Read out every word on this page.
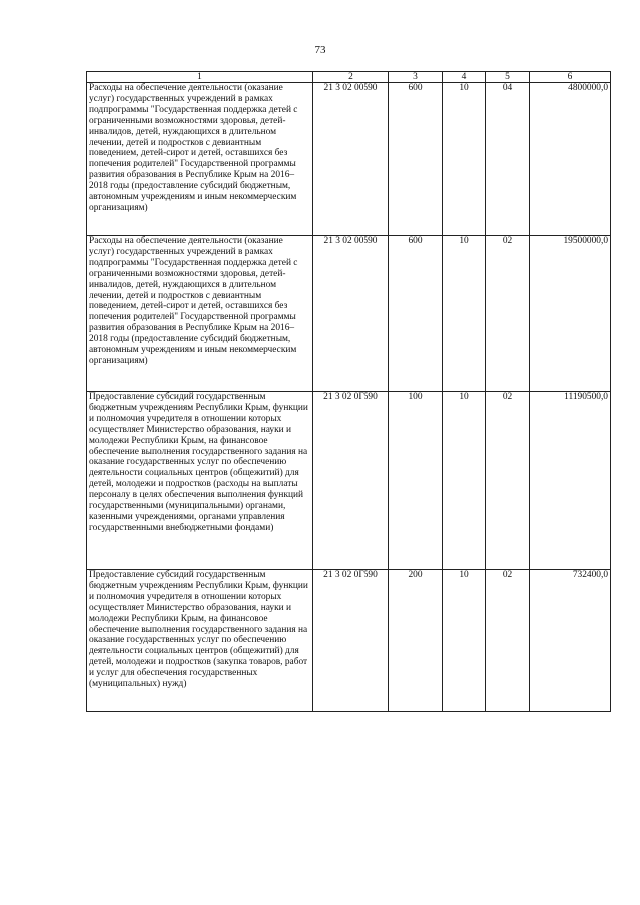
73
1	2	3	4	5	6
Расходы на обеспечение деятельности (оказание услуг) государственных учреждений в рамках подпрограммы "Государственная поддержка детей с ограниченными возможностями здоровья, детей-инвалидов, детей, нуждающихся в длительном лечении, детей и подростков с девиантным поведением, детей-сирот и детей, оставшихся без попечения родителей" Государственной программы развития образования в Республике Крым на 2016–2018 годы (предоставление субсидий бюджетным, автономным учреждениям и иным некоммерческим организациям)	21 3 02 00590	600	10	04	4800000,0
Расходы на обеспечение деятельности (оказание услуг) государственных учреждений в рамках подпрограммы "Государственная поддержка детей с ограниченными возможностями здоровья, детей-инвалидов, детей, нуждающихся в длительном лечении, детей и подростков с девиантным поведением, детей-сирот и детей, оставшихся без попечения родителей" Государственной программы развития образования в Республике Крым на 2016–2018 годы (предоставление субсидий бюджетным, автономным учреждениям и иным некоммерческим организациям)	21 3 02 00590	600	10	02	19500000,0
Предоставление субсидий государственным бюджетным учреждениям Республики Крым, функции и полномочия учредителя в отношении которых осуществляет Министерство образования, науки и молодежи Республики Крым, на финансовое обеспечение выполнения государственного задания на оказание государственных услуг по обеспечению деятельности социальных центров (общежитий) для детей, молодежи и подростков (расходы на выплаты персоналу в целях обеспечения выполнения функций государственными (муниципальными) органами, казенными учреждениями, органами управления государственными внебюджетными фондами)	21 3 02 0Г590	100	10	02	11190500,0
Предоставление субсидий государственным бюджетным учреждениям Республики Крым, функции и полномочия учредителя в отношении которых осуществляет Министерство образования, науки и молодежи Республики Крым, на финансовое обеспечение выполнения государственного задания на оказание государственных услуг по обеспечению деятельности социальных центров (общежитий) для детей, молодежи и подростков (закупка товаров, работ и услуг для обеспечения государственных (муниципальных) нужд)	21 3 02 0Г590	200	10	02	732400,0
